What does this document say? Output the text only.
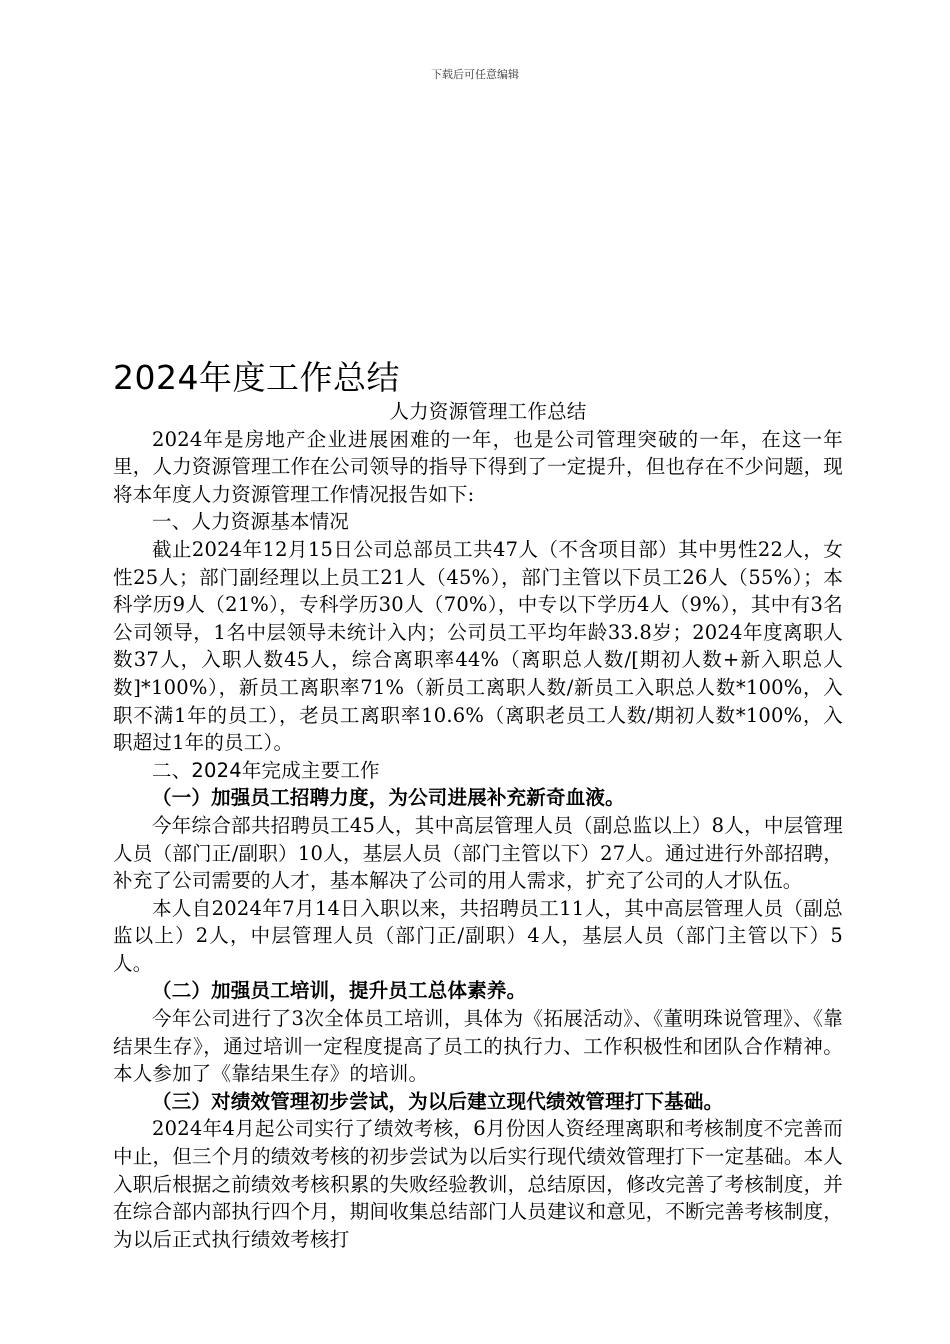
下载后可任意编辑
2024年度工作总结
人力资源管理工作总结

2024年是房地产企业进展困难的一年，也是公司管理突破的一年，在这一年里，人力资源管理工作在公司领导的指导下得到了一定提升，但也存在不少问题，现将本年度人力资源管理工作情况报告如下:

一、人力资源基本情况

截止2024年12月15日公司总部员工共47人（不含项目部）其中男性22人，女性25人；部门副经理以上员工21人（45%），部门主管以下员工26人（55%）；本科学历9人（21%），专科学历30人（70%），中专以下学历4人（9%），其中有3名公司领导，1名中层领导未统计入内；公司员工平均年龄33.8岁；2024年度离职人数37人，入职人数45人，综合离职率44%（离职总人数/[期初人数+新入职总人数]*100%），新员工离职率71%（新员工离职人数/新员工入职总人数*100%，入职不满1年的员工），老员工离职率10.6%（离职老员工人数/期初人数*100%，入职超过1年的员工）。

二、2024年完成主要工作

（一）加强员工招聘力度，为公司进展补充新奇血液。

今年综合部共招聘员工45人，其中高层管理人员（副总监以上）8人，中层管理人员（部门正/副职）10人，基层人员（部门主管以下）27人。通过进行外部招聘，补充了公司需要的人才，基本解决了公司的用人需求，扩充了公司的人才队伍。

本人自2024年7月14日入职以来，共招聘员工11人，其中高层管理人员（副总监以上）2人，中层管理人员（部门正/副职）4人，基层人员（部门主管以下）5人。

（二）加强员工培训，提升员工总体素养。

今年公司进行了3次全体员工培训，具体为《拓展活动》、《董明珠说管理》、《靠结果生存》，通过培训一定程度提高了员工的执行力、工作积极性和团队合作精神。本人参加了《靠结果生存》的培训。

（三）对绩效管理初步尝试，为以后建立现代绩效管理打下基础。

2024年4月起公司实行了绩效考核，6月份因人资经理离职和考核制度不完善而中止，但三个月的绩效考核的初步尝试为以后实行现代绩效管理打下一定基础。本人入职后根据之前绩效考核积累的失败经验教训，总结原因，修改完善了考核制度，并在综合部内部执行四个月，期间收集总结部门人员建议和意见，不断完善考核制度，为以后正式执行绩效考核打
